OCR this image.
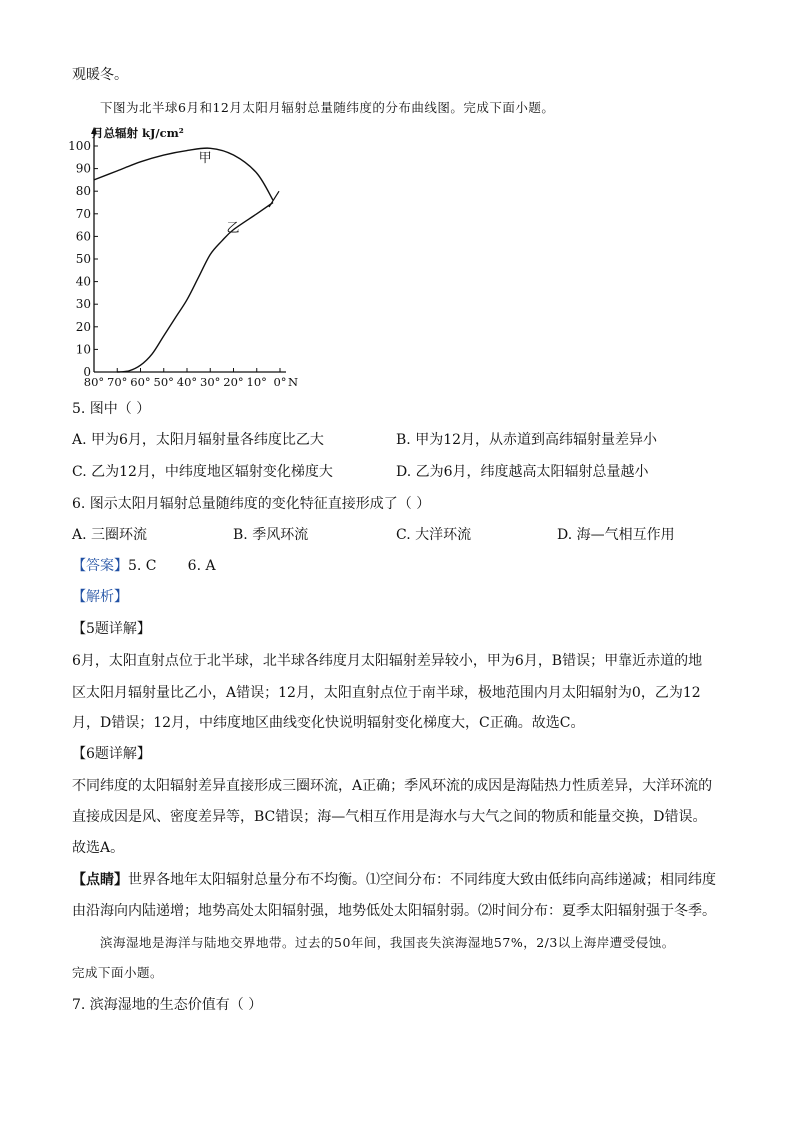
观暖冬。
下图为北半球6月和12月太阳月辐射总量随纬度的分布曲线图。完成下面小题。
0
10
20
30
40
50
60
70
80
90
100
80° 70° 60° 50° 40° 30° 20° 10° 0° N
甲
乙
月总辐射 kJ/cm²
5. 图中（ ）
A. 甲为6月，太阳月辐射量各纬度比乙大	B. 甲为12月，从赤道到高纬辐射量差异小
C. 乙为12月，中纬度地区辐射变化梯度大	D. 乙为6月，纬度越高太阳辐射总量越小
6. 图示太阳月辐射总量随纬度的变化特征直接形成了（ ）
A. 三圈环流	B. 季风环流	C. 大洋环流	D. 海—气相互作用
【答案】5. C       6. A
【解析】
【5题详解】
6月，太阳直射点位于北半球，北半球各纬度月太阳辐射差异较小，甲为6月，B错误；甲靠近赤道的地
区太阳月辐射量比乙小，A错误；12月，太阳直射点位于南半球，极地范围内月太阳辐射为0，乙为12
月，D错误；12月，中纬度地区曲线变化快说明辐射变化梯度大，C正确。故选C。
【6题详解】
不同纬度的太阳辐射差异直接形成三圈环流，A正确；季风环流的成因是海陆热力性质差异，大洋环流的
直接成因是风、密度差异等，BC错误；海—气相互作用是海水与大气之间的物质和能量交换，D错误。
故选A。
【点睛】世界各地年太阳辐射总量分布不均衡。⑴空间分布：不同纬度大致由低纬向高纬递减；相同纬度
由沿海向内陆递增；地势高处太阳辐射强，地势低处太阳辐射弱。⑵时间分布：夏季太阳辐射强于冬季。
滨海湿地是海洋与陆地交界地带。过去的50年间，我国丧失滨海湿地57%，2/3以上海岸遭受侵蚀。
完成下面小题。
7. 滨海湿地的生态价值有（ ）
